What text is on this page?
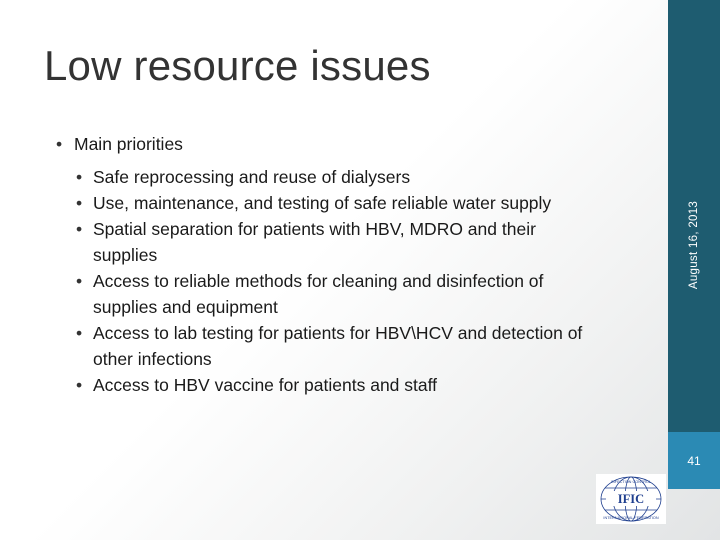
Low resource issues
• Main priorities
• Safe reprocessing and reuse of dialysers
• Use, maintenance, and testing of safe reliable water supply
• Spatial separation for patients with HBV, MDRO and their supplies
• Access to reliable methods for cleaning and disinfection of supplies and equipment
• Access to lab testing for patients for HBV\HCV and detection of other infections
• Access to HBV vaccine for patients and staff
August 16, 2013
41
IFIC
INFECTION CONTROL
INTERNATIONAL FEDERATION
